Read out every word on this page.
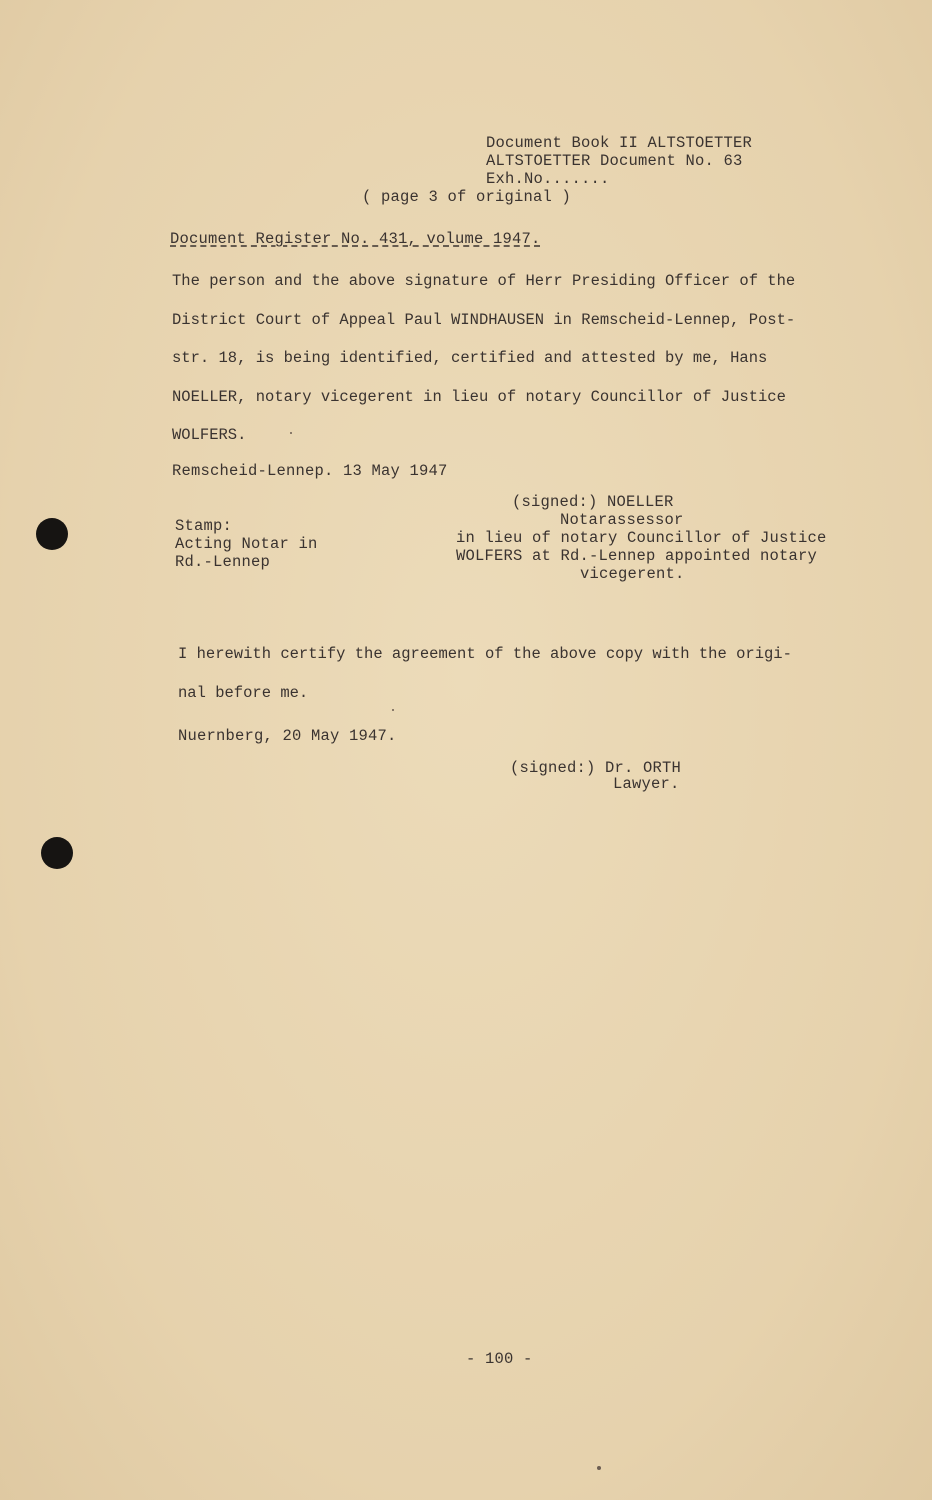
Document Book II ALTSTOETTER
ALTSTOETTER Document No. 63
Exh.No.......
( page 3 of original )
Document Register No. 431, volume 1947.
The person and the above signature of Herr Presiding Officer of the
District Court of Appeal Paul WINDHAUSEN in Remscheid-Lennep, Post-
str. 18, is being identified, certified and attested by me, Hans
NOELLER, notary vicegerent in lieu of notary Councillor of Justice
WOLFERS.
Remscheid-Lennep. 13 May 1947
(signed:) NOELLER
Notarassessor
in lieu of notary Councillor of Justice
WOLFERS at Rd.-Lennep appointed notary
vicegerent.
Stamp:
Acting Notar in
Rd.-Lennep
I herewith certify the agreement of the above copy with the origi-
nal before me.
Nuernberg, 20 May 1947.
(signed:) Dr. ORTH
Lawyer.
- 100 -
